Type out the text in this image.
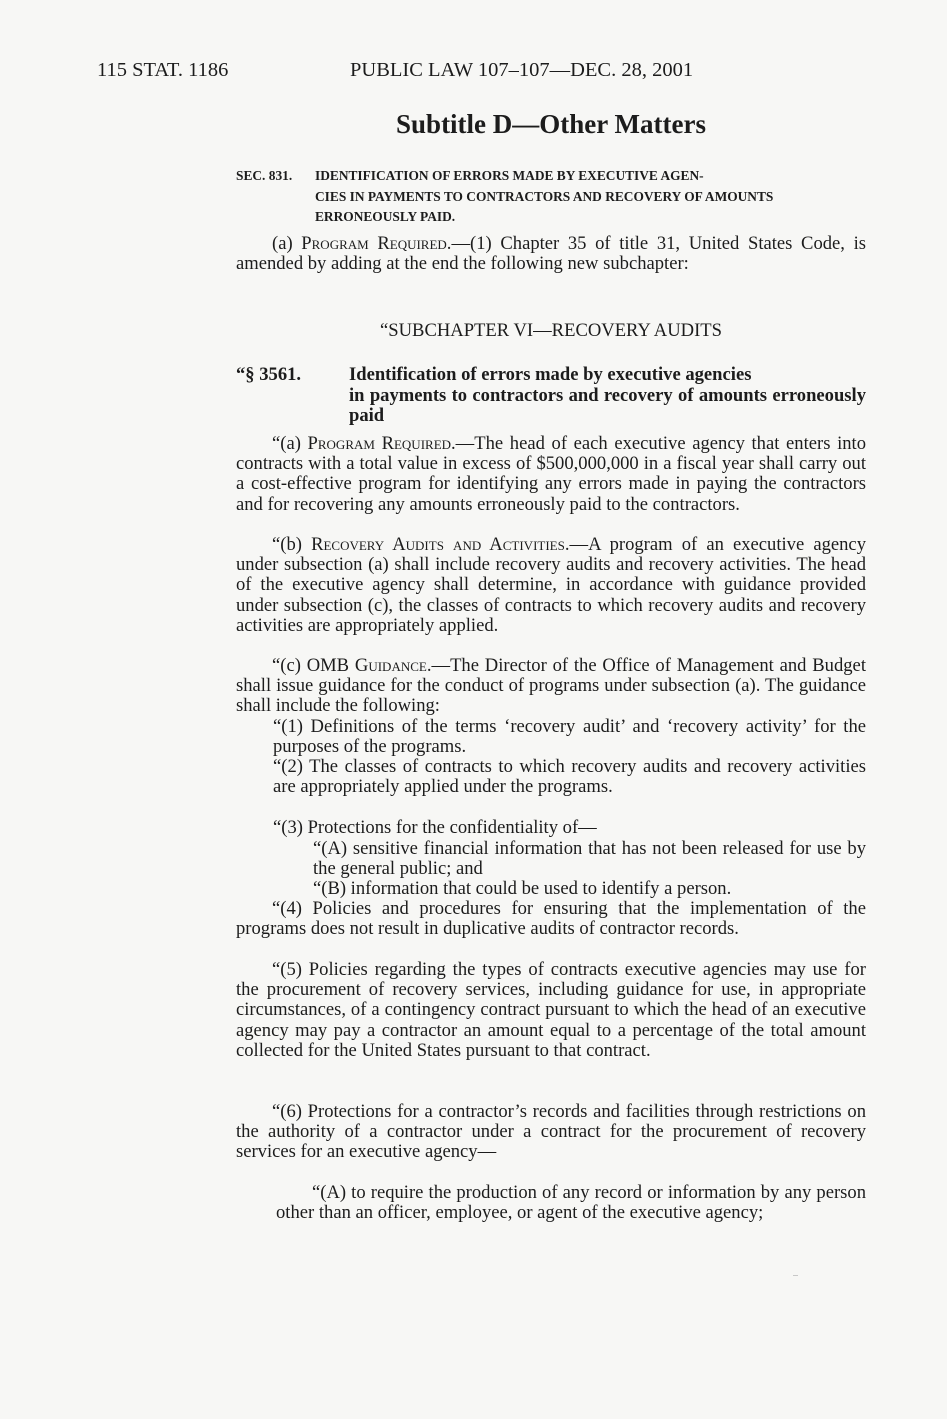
115 STAT. 1186	PUBLIC LAW 107–107—DEC. 28, 2001
Subtitle D—Other Matters

SEC. 831. IDENTIFICATION OF ERRORS MADE BY EXECUTIVE AGEN-
CIES IN PAYMENTS TO CONTRACTORS AND RECOVERY OF AMOUNTS ERRONEOUSLY PAID.

(a) Program Required.—(1) Chapter 35 of title 31, United States Code, is amended by adding at the end the following new subchapter:

“SUBCHAPTER VI—RECOVERY AUDITS

“§ 3561.	Identification of errors made by executive agencies
in payments to contractors and recovery of amounts erroneously paid

“(a) Program Required.—The head of each executive agency that enters into contracts with a total value in excess of $500,000,000 in a fiscal year shall carry out a cost-effective program for identifying any errors made in paying the contractors and for recovering any amounts erroneously paid to the contractors.

“(b) Recovery Audits and Activities.—A program of an executive agency under subsection (a) shall include recovery audits and recovery activities. The head of the executive agency shall determine, in accordance with guidance provided under subsection (c), the classes of contracts to which recovery audits and recovery activities are appropriately applied.

“(c) OMB Guidance.—The Director of the Office of Management and Budget shall issue guidance for the conduct of programs under subsection (a). The guidance shall include the following:

“(1) Definitions of the terms ‘recovery audit’ and ‘recovery activity’ for the purposes of the programs.

“(2) The classes of contracts to which recovery audits and recovery activities are appropriately applied under the programs.

“(3) Protections for the confidentiality of—

“(A) sensitive financial information that has not been released for use by the general public; and

“(B) information that could be used to identify a person.

“(4) Policies and procedures for ensuring that the implementation of the programs does not result in duplicative audits of contractor records.

“(5) Policies regarding the types of contracts executive agencies may use for the procurement of recovery services, including guidance for use, in appropriate circumstances, of a contingency contract pursuant to which the head of an executive agency may pay a contractor an amount equal to a percentage of the total amount collected for the United States pursuant to that contract.

“(6) Protections for a contractor’s records and facilities through restrictions on the authority of a contractor under a contract for the procurement of recovery services for an executive agency—

“(A) to require the production of any record or information by any person other than an officer, employee, or agent of the executive agency;
